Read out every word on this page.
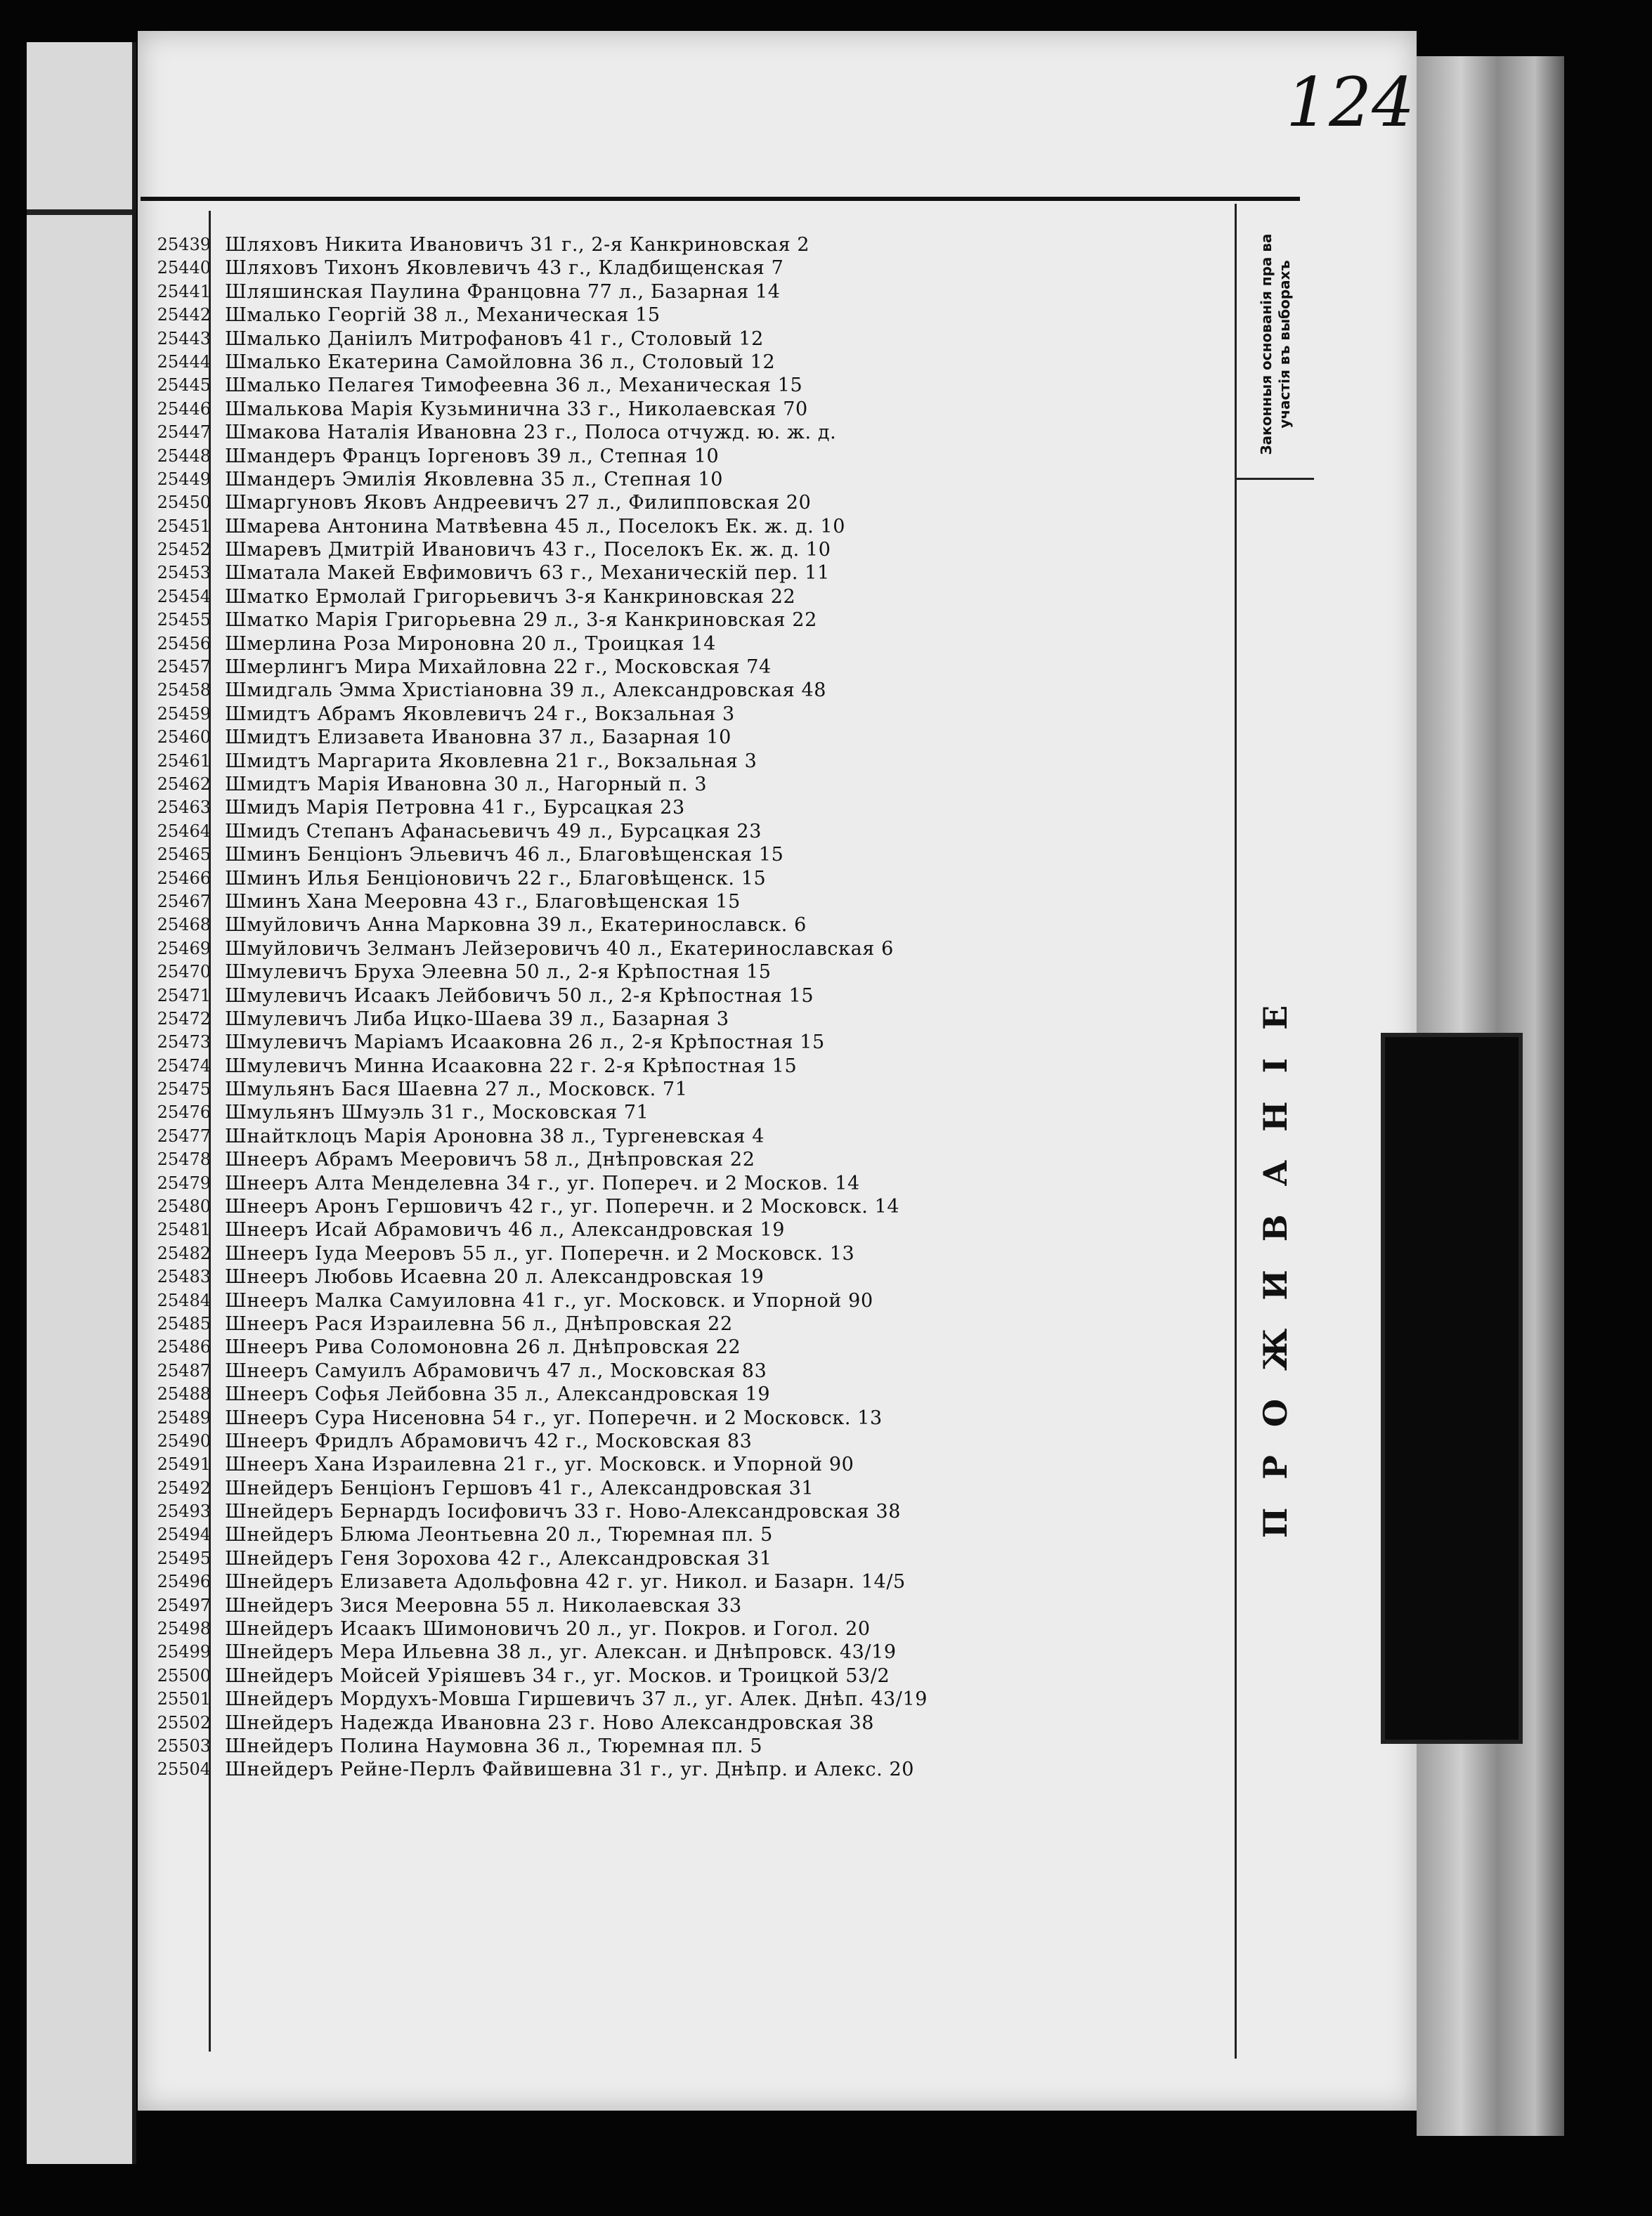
124
25439
25440
25441
25442
25443
25444
25445
25446
25447
25448
25449
25450
25451
25452
25453
25454
25455
25456
25457
25458
25459
25460
25461
25462
25463
25464
25465
25466
25467
25468
25469
25470
25471
25472
25473
25474
25475
25476
25477
25478
25479
25480
25481
25482
25483
25484
25485
25486
25487
25488
25489
25490
25491
25492
25493
25494
25495
25496
25497
25498
25499
25500
25501
25502
25503
25504
Шляховъ Никита Ивановичъ 31 г., 2-я Канкриновская 2
Шляховъ Тихонъ Яковлевичъ 43 г., Кладбищенская 7
Шляшинская Паулина Францовна 77 л., Базарная 14
Шмалько Георгій 38 л., Механическая 15
Шмалько Даніилъ Митрофановъ 41 г., Столовый 12
Шмалько Екатерина Самойловна 36 л., Столовый 12
Шмалько Пелагея Тимофеевна 36 л., Механическая 15
Шмалькова Марія Кузьминична 33 г., Николаевская 70
Шмакова Наталія Ивановна 23 г., Полоса отчужд. ю. ж. д.
Шмандеръ Францъ Іоргеновъ 39 л., Степная 10
Шмандеръ Эмилія Яковлевна 35 л., Степная 10
Шмаргуновъ Яковъ Андреевичъ 27 л., Филипповская 20
Шмарева Антонина Матвѣевна 45 л., Поселокъ Ек. ж. д. 10
Шмаревъ Дмитрій Ивановичъ 43 г., Поселокъ Ек. ж. д. 10
Шматала Макей Евфимовичъ 63 г., Механическій пер. 11
Шматко Ермолай Григорьевичъ 3-я Канкриновская 22
Шматко Марія Григорьевна 29 л., 3-я Канкриновская 22
Шмерлина Роза Мироновна 20 л., Троицкая 14
Шмерлингъ Мира Михайловна 22 г., Московская 74
Шмидгаль Эмма Христіановна 39 л., Александровская 48
Шмидтъ Абрамъ Яковлевичъ 24 г., Вокзальная 3
Шмидтъ Елизавета Ивановна 37 л., Базарная 10
Шмидтъ Маргарита Яковлевна 21 г., Вокзальная 3
Шмидтъ Марія Ивановна 30 л., Нагорный п. 3
Шмидъ Марія Петровна 41 г., Бурсацкая 23
Шмидъ Степанъ Афанасьевичъ 49 л., Бурсацкая 23
Шминъ Бенціонъ Эльевичъ 46 л., Благовѣщенская 15
Шминъ Илья Бенціоновичъ 22 г., Благовѣщенск. 15
Шминъ Хана Мееровна 43 г., Благовѣщенская 15
Шмуйловичъ Анна Марковна 39 л., Екатеринославск. 6
Шмуйловичъ Зелманъ Лейзеровичъ 40 л., Екатеринославская 6
Шмулевичъ Бруха Элеевна 50 л., 2-я Крѣпостная 15
Шмулевичъ Исаакъ Лейбовичъ 50 л., 2-я Крѣпостная 15
Шмулевичъ Либа Ицко-Шаева 39 л., Базарная 3
Шмулевичъ Маріамъ Исааковна 26 л., 2-я Крѣпостная 15
Шмулевичъ Минна Исааковна 22 г. 2-я Крѣпостная 15
Шмульянъ Бася Шаевна 27 л., Московск. 71
Шмульянъ Шмуэль 31 г., Московская 71
Шнайтклоцъ Марія Ароновна 38 л., Тургеневская 4
Шнееръ Абрамъ Мееровичъ 58 л., Днѣпровская 22
Шнееръ Алта Менделевна 34 г., уг. Попереч. и 2 Москов. 14
Шнееръ Аронъ Гершовичъ 42 г., уг. Поперечн. и 2 Московск. 14
Шнееръ Исай Абрамовичъ 46 л., Александровская 19
Шнееръ Іуда Мееровъ 55 л., уг. Поперечн. и 2 Московск. 13
Шнееръ Любовь Исаевна 20 л. Александровская 19
Шнееръ Малка Самуиловна 41 г., уг. Московск. и Упорной 90
Шнееръ Рася Израилевна 56 л., Днѣпровская 22
Шнееръ Рива Соломоновна 26 л. Днѣпровская 22
Шнееръ Самуилъ Абрамовичъ 47 л., Московская 83
Шнееръ Софья Лейбовна 35 л., Александровская 19
Шнееръ Сура Нисеновна 54 г., уг. Поперечн. и 2 Московск. 13
Шнееръ Фридлъ Абрамовичъ 42 г., Московская 83
Шнееръ Хана Израилевна 21 г., уг. Московск. и Упорной 90
Шнейдеръ Бенціонъ Гершовъ 41 г., Александровская 31
Шнейдеръ Бернардъ Іосифовичъ 33 г. Ново-Александровская 38
Шнейдеръ Блюма Леонтьевна 20 л., Тюремная пл. 5
Шнейдеръ Геня Зорохова 42 г., Александровская 31
Шнейдеръ Елизавета Адольфовна 42 г. уг. Никол. и Базарн. 14/5
Шнейдеръ Зися Мееровна 55 л. Николаевская 33
Шнейдеръ Исаакъ Шимоновичъ 20 л., уг. Покров. и Гогол. 20
Шнейдеръ Мера Ильевна 38 л., уг. Алексан. и Днѣпровск. 43/19
Шнейдеръ Мойсей Уріяшевъ 34 г., уг. Москов. и Троицкой 53/2
Шнейдеръ Мордухъ-Мовша Гиршевичъ 37 л., уг. Алек. Днѣп. 43/19
Шнейдеръ Надежда Ивановна 23 г. Ново Александровская 38
Шнейдеръ Полина Наумовна 36 л., Тюремная пл. 5
Шнейдеръ Рейне-Перлъ Файвишевна 31 г., уг. Днѣпр. и Алекс. 20
Законныя основанія пра ва участія въ выборахъ
ПРОЖИВАНІЕ
